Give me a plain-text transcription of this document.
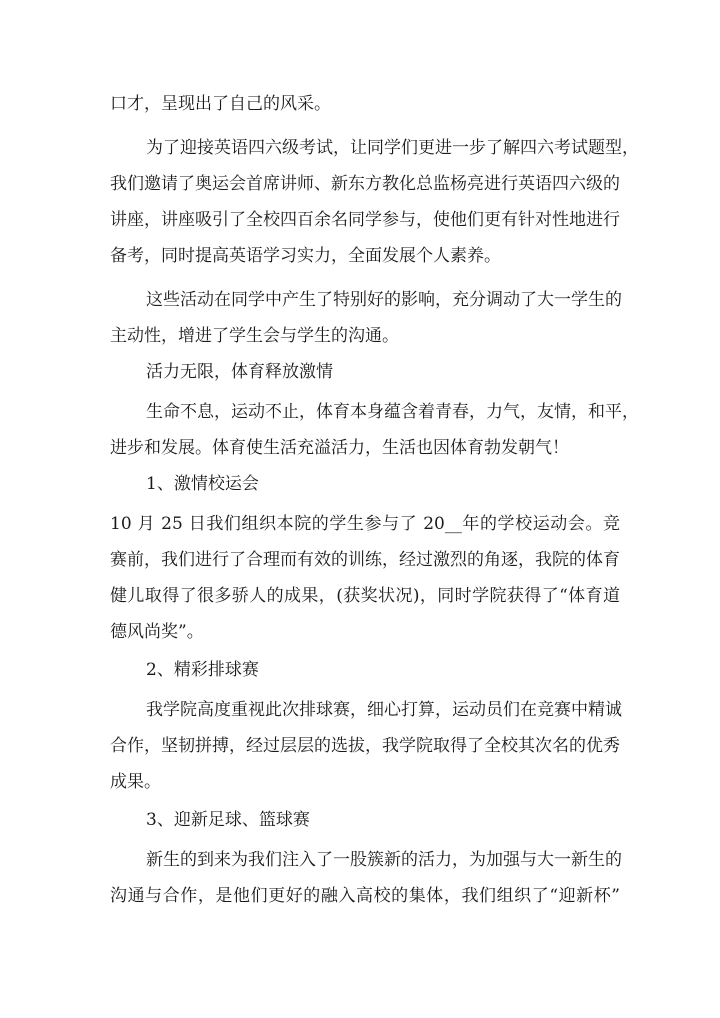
口才，呈现出了自己的风采。
为了迎接英语四六级考试，让同学们更进一步了解四六考试题型，
我们邀请了奥运会首席讲师、新东方教化总监杨亮进行英语四六级的
讲座，讲座吸引了全校四百余名同学参与，使他们更有针对性地进行
备考，同时提高英语学习实力，全面发展个人素养。
这些活动在同学中产生了特别好的影响，充分调动了大一学生的
主动性，增进了学生会与学生的沟通。
活力无限，体育释放激情
生命不息，运动不止，体育本身蕴含着青春，力气，友情，和平，
进步和发展。体育使生活充溢活力，生活也因体育勃发朝气！
1、激情校运会
10 月 25 日我们组织本院的学生参与了 20__年的学校运动会。竞
赛前，我们进行了合理而有效的训练，经过激烈的角逐，我院的体育
健儿取得了很多骄人的成果，(获奖状况)，同时学院获得了“体育道
德风尚奖”。
2、精彩排球赛
我学院高度重视此次排球赛，细心打算，运动员们在竞赛中精诚
合作，坚韧拼搏，经过层层的选拔，我学院取得了全校其次名的优秀
成果。
3、迎新足球、篮球赛
新生的到来为我们注入了一股簇新的活力，为加强与大一新生的
沟通与合作，是他们更好的融入高校的集体，我们组织了“迎新杯”
